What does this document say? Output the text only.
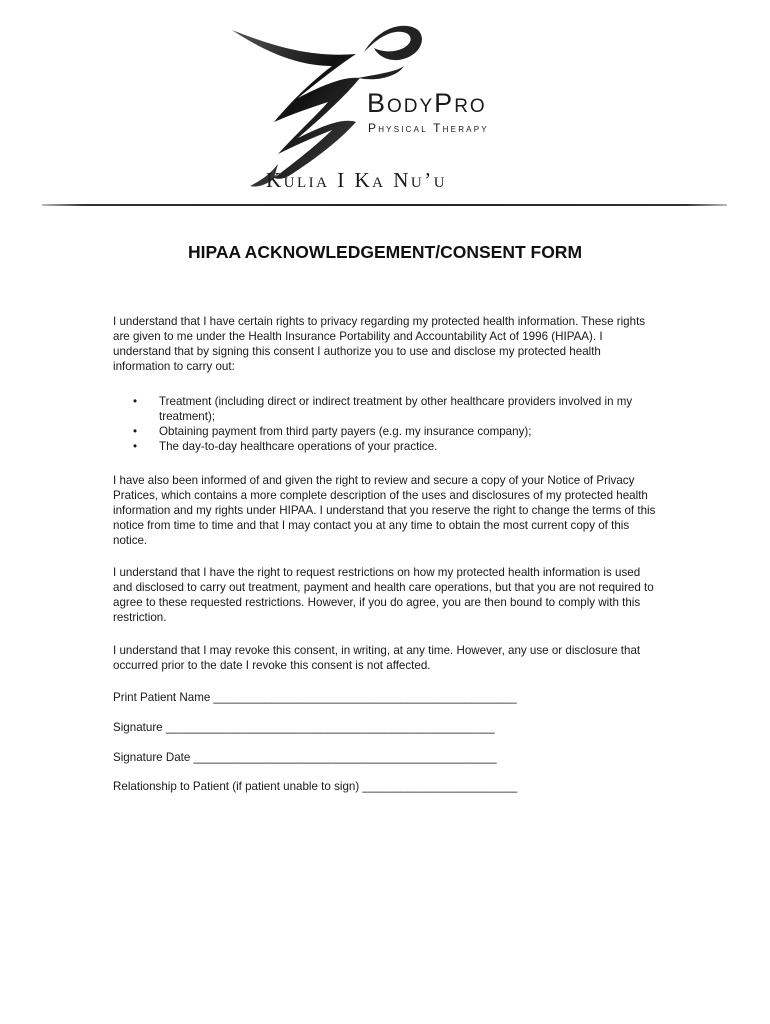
BodyPro
Physical Therapy
Kulia I Ka Nu’u
HIPAA ACKNOWLEDGEMENT/CONSENT FORM
I understand that I have certain rights to privacy regarding my protected health information. These rights are given to me under the Health Insurance Portability and Accountability Act of 1996 (HIPAA). I understand that by signing this consent I authorize you to use and disclose my protected health information to carry out:
• Treatment (including direct or indirect treatment by other healthcare providers involved in my treatment);
• Obtaining payment from third party payers (e.g. my insurance company);
• The day-to-day healthcare operations of your practice.
I have also been informed of and given the right to review and secure a copy of your Notice of Privacy Pratices, which contains a more complete description of the uses and disclosures of my protected health information and my rights under HIPAA. I understand that you reserve the right to change the terms of this notice from time to time and that I may contact you at any time to obtain the most current copy of this notice.
I understand that I have the right to request restrictions on how my protected health information is used and disclosed to carry out treatment, payment and health care operations, but that you are not required to agree to these requested restrictions. However, if you do agree, you are then bound to comply with this restriction.
I understand that I may revoke this consent, in writing, at any time. However, any use or disclosure that occurred prior to the date I revoke this consent is not affected.
Print Patient Name _______________________________________________
Signature ___________________________________________________
Signature Date _______________________________________________
Relationship to Patient (if patient unable to sign) ________________________
